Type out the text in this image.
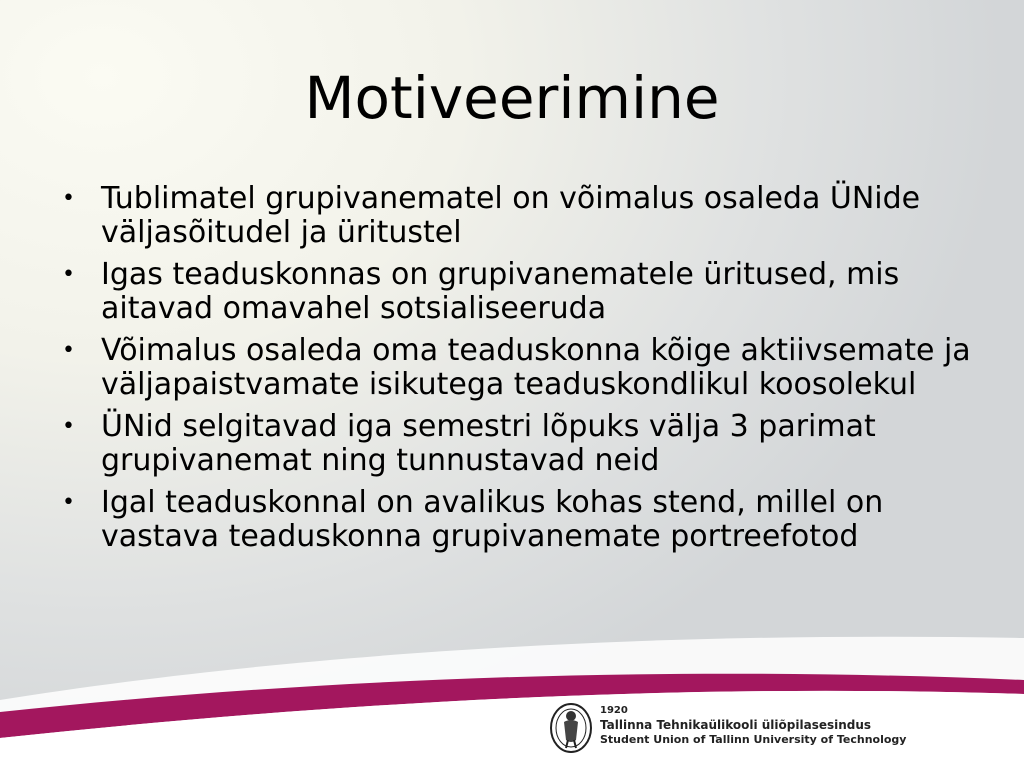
Motiveerimine
• Tublimatel grupivanematel on võimalus osaleda ÜNide väljasõitudel ja üritustel
• Igas teaduskonnas on grupivanematele üritused, mis aitavad omavahel sotsialiseeruda
• Võimalus osaleda oma teaduskonna kõige aktiivsemate ja väljapaistvamate isikutega teaduskondlikul koosolekul
• ÜNid selgitavad iga semestri lõpuks välja 3 parimat grupivanemat ning tunnustavad neid
• Igal teaduskonnal on avalikus kohas stend, millel on vastava teaduskonna grupivanemate portreefotod
1920
Tallinna Tehnikaülikooli üliõpilasesindus
Student Union of Tallinn University of Technology
